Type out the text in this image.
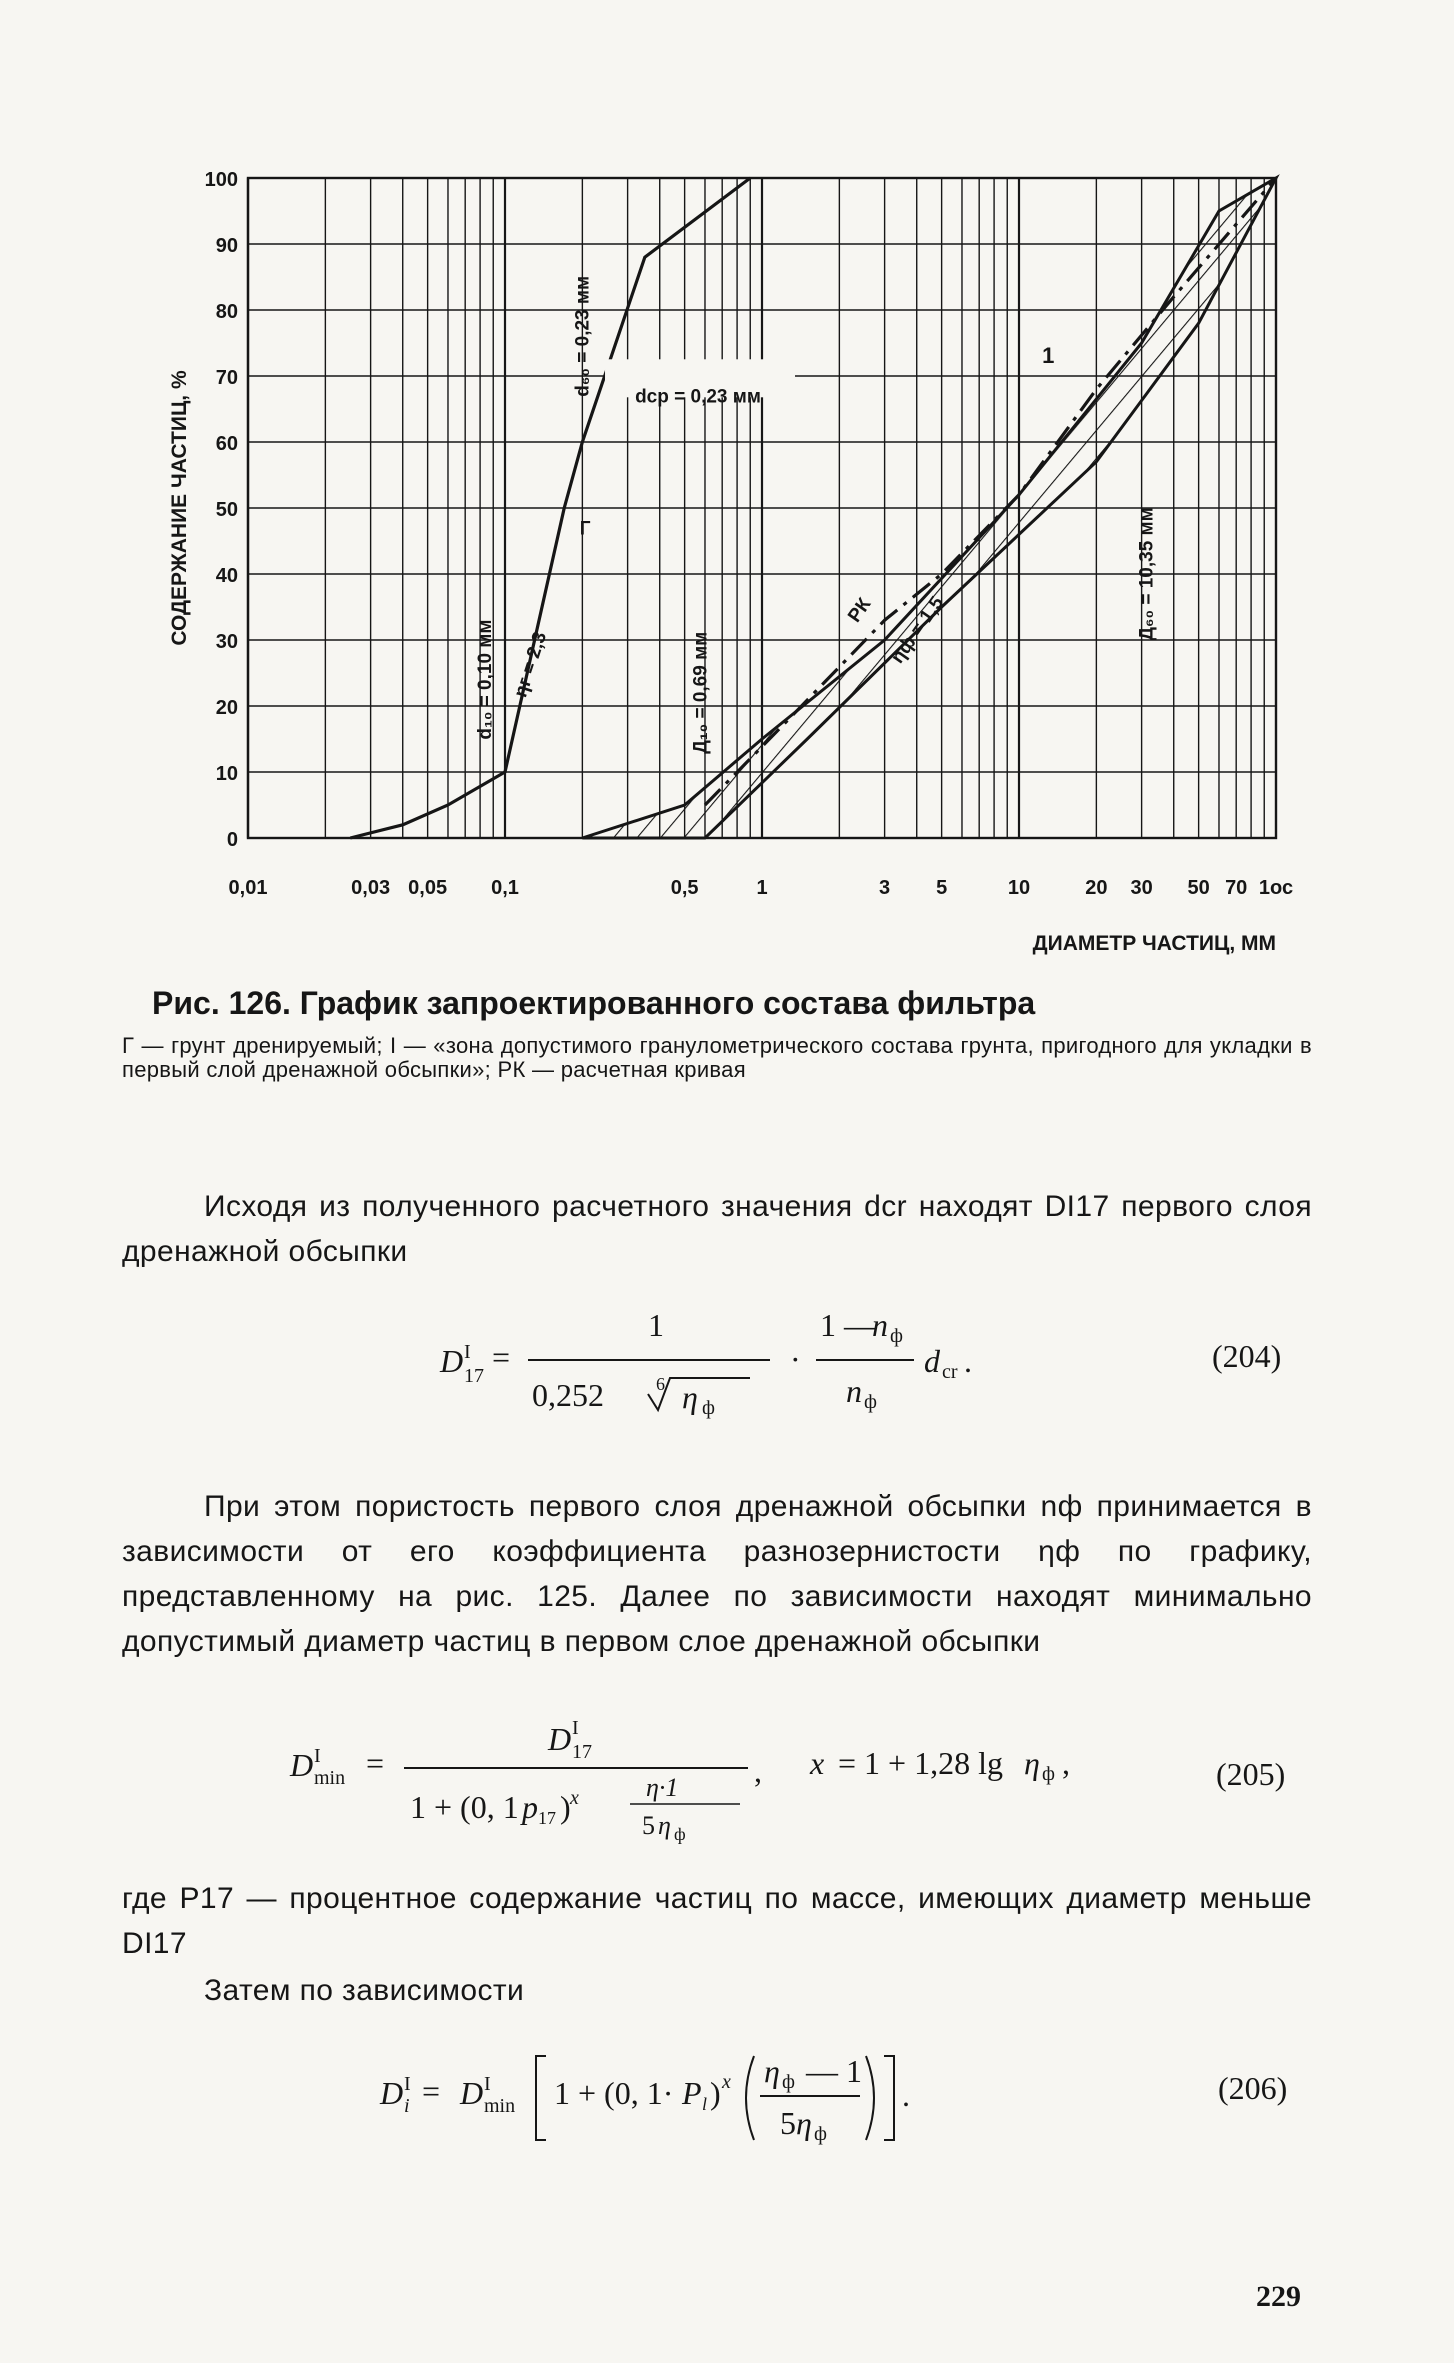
0
10
20
30
40
50
60
70
80
90
100
0,01	0,03 0,05 0,1	0,5	1	3 5	10	20 30 50 70 1ос
ДИАМЕТР ЧАСТИЦ, ММ
СОДЕРЖАНИЕ ЧАСТИЦ, %
d₆₀ = 0,23 мм
dср = 0,23 мм
d₁₀ = 0,10 мм ηг = 2,3
Г
Д₁₀ = 0,69 мм
Д₆₀ = 10,35 мм
ηф = 1,5
РК
1
Рис. 126. График запроектированного состава фильтра
Г — грунт дренируемый; I — «зона допустимого гранулометрического состава грунта, пригодного для укладки в первый слой дренажной обсыпки»; РК — расчетная кривая
Исходя из полученного расчетного значения dcr находят DI17 первого слоя дренажной обсыпки
D I
17
=
1
0,252	6 η ф
·
1 —
n ф
n ф
d cr .	(204)
При этом пористость первого слоя дренажной обсыпки nф принимается в зависимости от его коэффициента разнозернистости ηф по графику, представленному на рис. 125. Далее по зависимости находят минимально допустимый диаметр частиц в первом слое дренажной обсыпки
D I
min =
D I
17
1 + (0, 1 p 17 ) x	η·1
5 η ф
, x = 1 + 1,28 lg η ф ,	(205)
где P17 — процентное содержание частиц по массе, имеющих диаметр меньше DI17
Затем по зависимости
D I
i = D I
min 1 + (0, 1· P l ) x η ф — 1
5 η ф
.	(206)
229
